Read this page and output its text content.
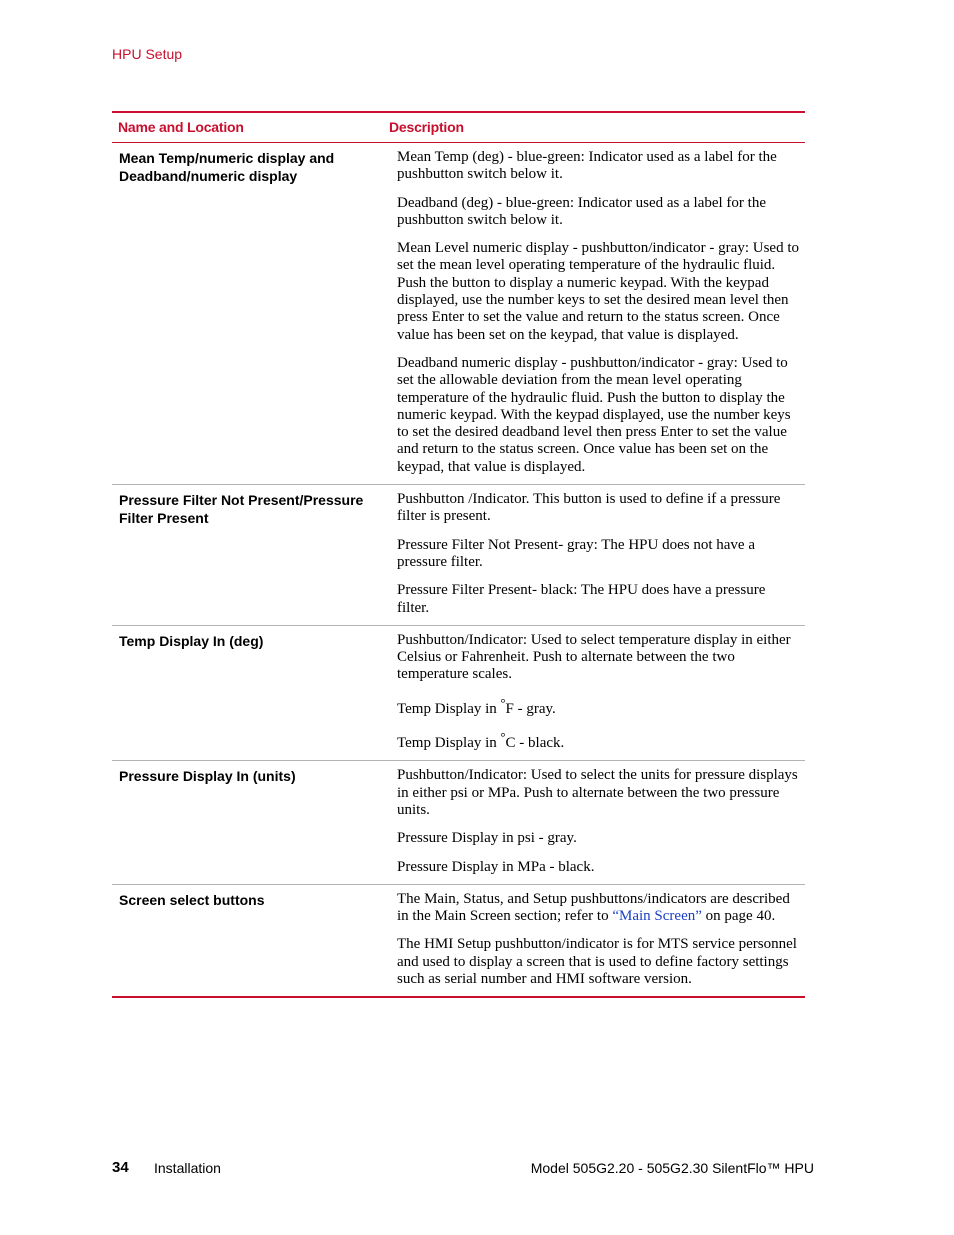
HPU Setup
Name and Location	Description
Mean Temp/numeric display and Deadband/numeric display	Mean Temp (deg) - blue-green: Indicator used as a label for the pushbutton switch below it.

Deadband (deg) - blue-green: Indicator used as a label for the pushbutton switch below it.

Mean Level numeric display - pushbutton/indicator - gray: Used to set the mean level operating temperature of the hydraulic fluid. Push the button to display a numeric keypad. With the keypad displayed, use the number keys to set the desired mean level then press Enter to set the value and return to the status screen. Once value has been set on the keypad, that value is displayed.

Deadband numeric display - pushbutton/indicator - gray: Used to set the allowable deviation from the mean level operating temperature of the hydraulic fluid. Push the button to display the numeric keypad. With the keypad displayed, use the number keys to set the desired deadband level then press Enter to set the value and return to the status screen. Once value has been set on the keypad, that value is displayed.

Pressure Filter Not Present/Pressure Filter Present	Pushbutton /Indicator. This button is used to define if a pressure filter is present.

Pressure Filter Not Present- gray: The HPU does not have a pressure filter.

Pressure Filter Present- black: The HPU does have a pressure filter.

Temp Display In (deg)	Pushbutton/Indicator: Used to select temperature display in either Celsius or Fahrenheit. Push to alternate between the two temperature scales.

Temp Display in °F - gray.

Temp Display in °C - black.

Pressure Display In (units)	Pushbutton/Indicator: Used to select the units for pressure displays in either psi or MPa. Push to alternate between the two pressure units.

Pressure Display in psi - gray.

Pressure Display in MPa - black.

Screen select buttons	The Main, Status, and Setup pushbuttons/indicators are described in the Main Screen section; refer to “Main Screen” on page 40.

The HMI Setup pushbutton/indicator is for MTS service personnel and used to display a screen that is used to define factory settings such as serial number and HMI software version.

34 Installation	Model 505G2.20 - 505G2.30 SilentFlo™ HPU
